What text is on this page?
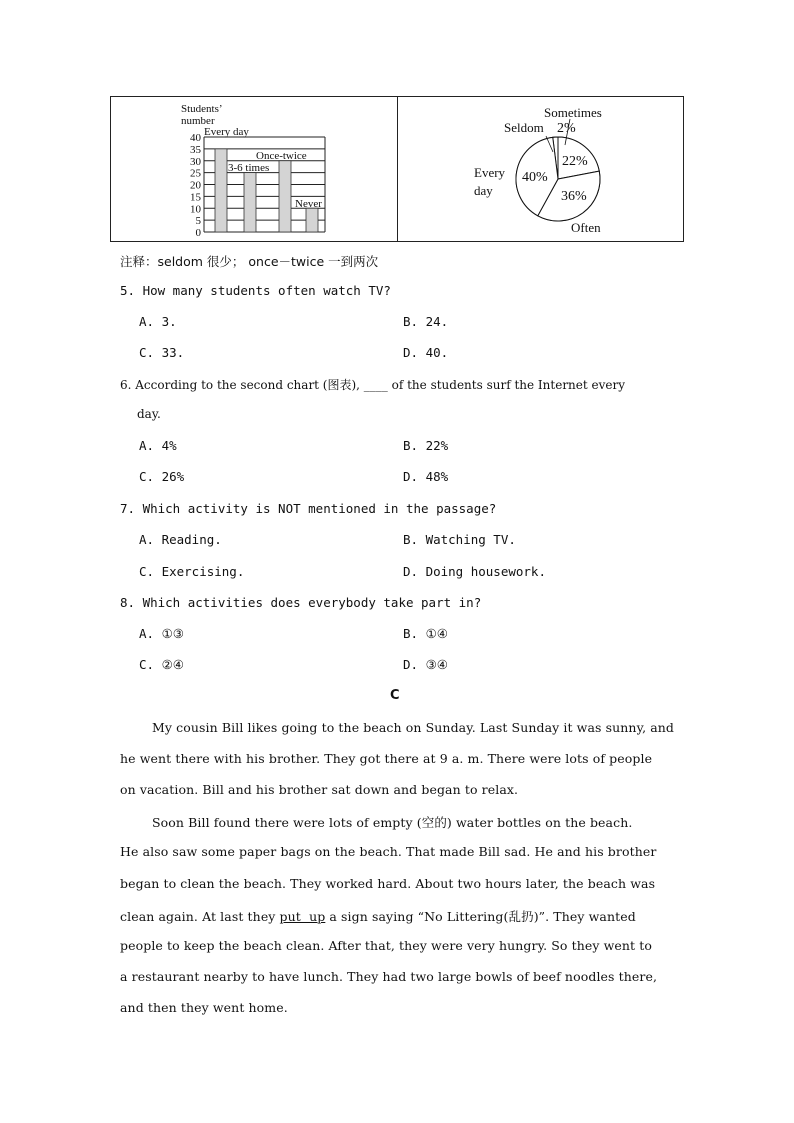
Students’
number
0
5
10
15
20
25
30
35
40 Every day
3-6 times
Once-twice
Never
Every
day
40%
Sometimes
22%
Seldom 2%
Often
36%
注释：seldom 很少； once－twice 一到两次
5. How many students often watch TV?
A. 3.	B. 24.
C. 33.	D. 40.
6. According to the second chart (图表), ____ of the students surf the Internet every
day.
A. 4%	B. 22%
C. 26%	D. 48%
7. Which activity is NOT mentioned in the passage?
A. Reading.	B. Watching TV.
C. Exercising.	D. Doing housework.
8. Which activities does everybody take part in?
A. ①③	B. ①④
C. ②④	D. ③④
C
My cousin Bill likes going to the beach on Sunday. Last Sunday it was sunny, and
he went there with his brother. They got there at 9 a. m. There were lots of people
on vacation. Bill and his brother sat down and began to relax.
Soon Bill found there were lots of empty (空的) water bottles on the beach.
He also saw some paper bags on the beach. That made Bill sad. He and his brother
began to clean the beach. They worked hard. About two hours later, the beach was
clean again. At last they put  up a sign saying “No Littering(乱扔)”. They wanted
people to keep the beach clean. After that, they were very hungry. So they went to
a restaurant nearby to have lunch. They had two large bowls of beef noodles there,
and then they went home.
